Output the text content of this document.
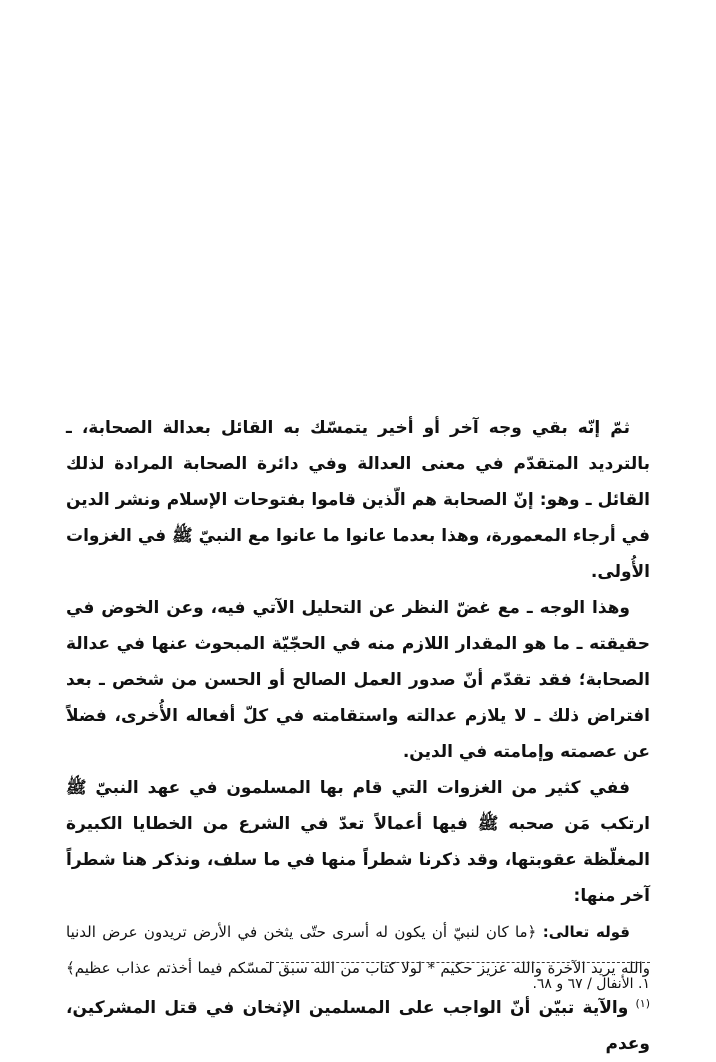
ثمّ إنّه بقي وجه آخر أو أخير يتمسّك به القائل بعدالة الصحابة، ـ بالترديد المتقدّم في معنى العدالة وفي دائرة الصحابة المرادة لذلك القائل ـ وهو: إنّ الصحابة هم الّذين قاموا بفتوحات الإسلام ونشر الدين في أرجاء المعمورة، وهذا بعدما عانوا ما عانوا مع النبيّ ﷺ في الغزوات الأُولى.

وهذا الوجه ـ مع غضّ النظر عن التحليل الآتي فيه، وعن الخوض في حقيقته ـ ما هو المقدار اللازم منه في الحجّيّة المبحوث عنها في عدالة الصحابة؛ فقد تقدّم أنّ صدور العمل الصالح أو الحسن من شخص ـ بعد افتراض ذلك ـ لا يلازم عدالته واستقامته في كلّ أفعاله الأُخرى، فضلاً عن عصمته وإمامته في الدين.

ففي كثير من الغزوات التي قام بها المسلمون في عهد النبيّ ﷺ ارتكب مَن صحبه ﷺ فيها أعمالاً تعدّ في الشرع من الخطايا الكبيرة المغلّظة عقوبتها، وقد ذكرنا شطراً منها في ما سلف، ونذكر هنا شطراً آخر منها:

قوله تعالى: ﴿ما كان لنبيّ أن يكون له أسرى حتّى يثخن في الأرض تريدون عرض الدنيا والله يريد الآخرة والله عزيز حكيم * لولا كتاب من الله سبق لمسّكم فيما أخذتم عذاب عظيم﴾$^{(١)}$ والآية تبيّن أنّ الواجب على المسلمين الإثخان في قتل المشركين، وعدم

١. الأنفال / ٦٧ و ٦٨.
